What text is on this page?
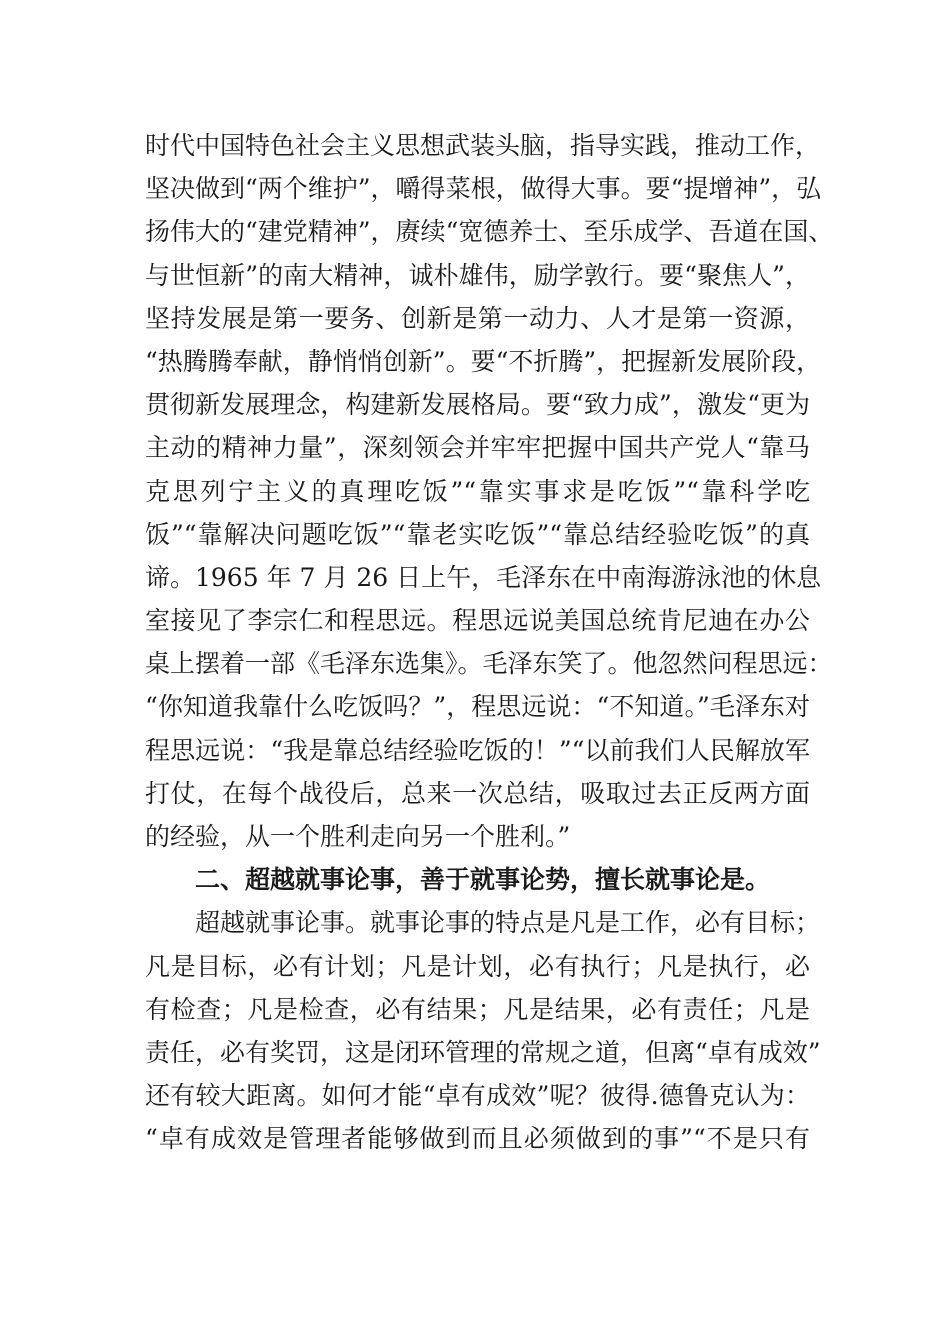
时代中国特色社会主义思想武装头脑，指导实践，推动工作，
坚决做到“两个维护”，嚼得菜根，做得大事。要“提增神”，弘
扬伟大的“建党精神”，赓续“宽德养士、至乐成学、吾道在国、
与世恒新”的南大精神，诚朴雄伟，励学敦行。要“聚焦人”，
坚持发展是第一要务、创新是第一动力、人才是第一资源，
“热腾腾奉献，静悄悄创新”。要“不折腾”，把握新发展阶段，
贯彻新发展理念，构建新发展格局。要“致力成”，激发“更为
主动的精神力量”，深刻领会并牢牢把握中国共产党人“靠马
克思列宁主义的真理吃饭”“靠实事求是吃饭”“靠科学吃
饭”“靠解决问题吃饭”“靠老实吃饭”“靠总结经验吃饭”的真
谛。1965 年 7 月 26 日上午，毛泽东在中南海游泳池的休息
室接见了李宗仁和程思远。程思远说美国总统肯尼迪在办公
桌上摆着一部《毛泽东选集》。毛泽东笑了。他忽然问程思远：
“你知道我靠什么吃饭吗？”，程思远说：“不知道。”毛泽东对
程思远说：“我是靠总结经验吃饭的！”“以前我们人民解放军
打仗，在每个战役后，总来一次总结，吸取过去正反两方面
的经验，从一个胜利走向另一个胜利。”
二、超越就事论事，善于就事论势，擅长就事论是。
超越就事论事。就事论事的特点是凡是工作，必有目标；
凡是目标，必有计划；凡是计划，必有执行；凡是执行，必
有检查；凡是检查，必有结果；凡是结果，必有责任；凡是
责任，必有奖罚，这是闭环管理的常规之道，但离“卓有成效”
还有较大距离。如何才能“卓有成效”呢？彼得.德鲁克认为：
“卓有成效是管理者能够做到而且必须做到的事”“不是只有
